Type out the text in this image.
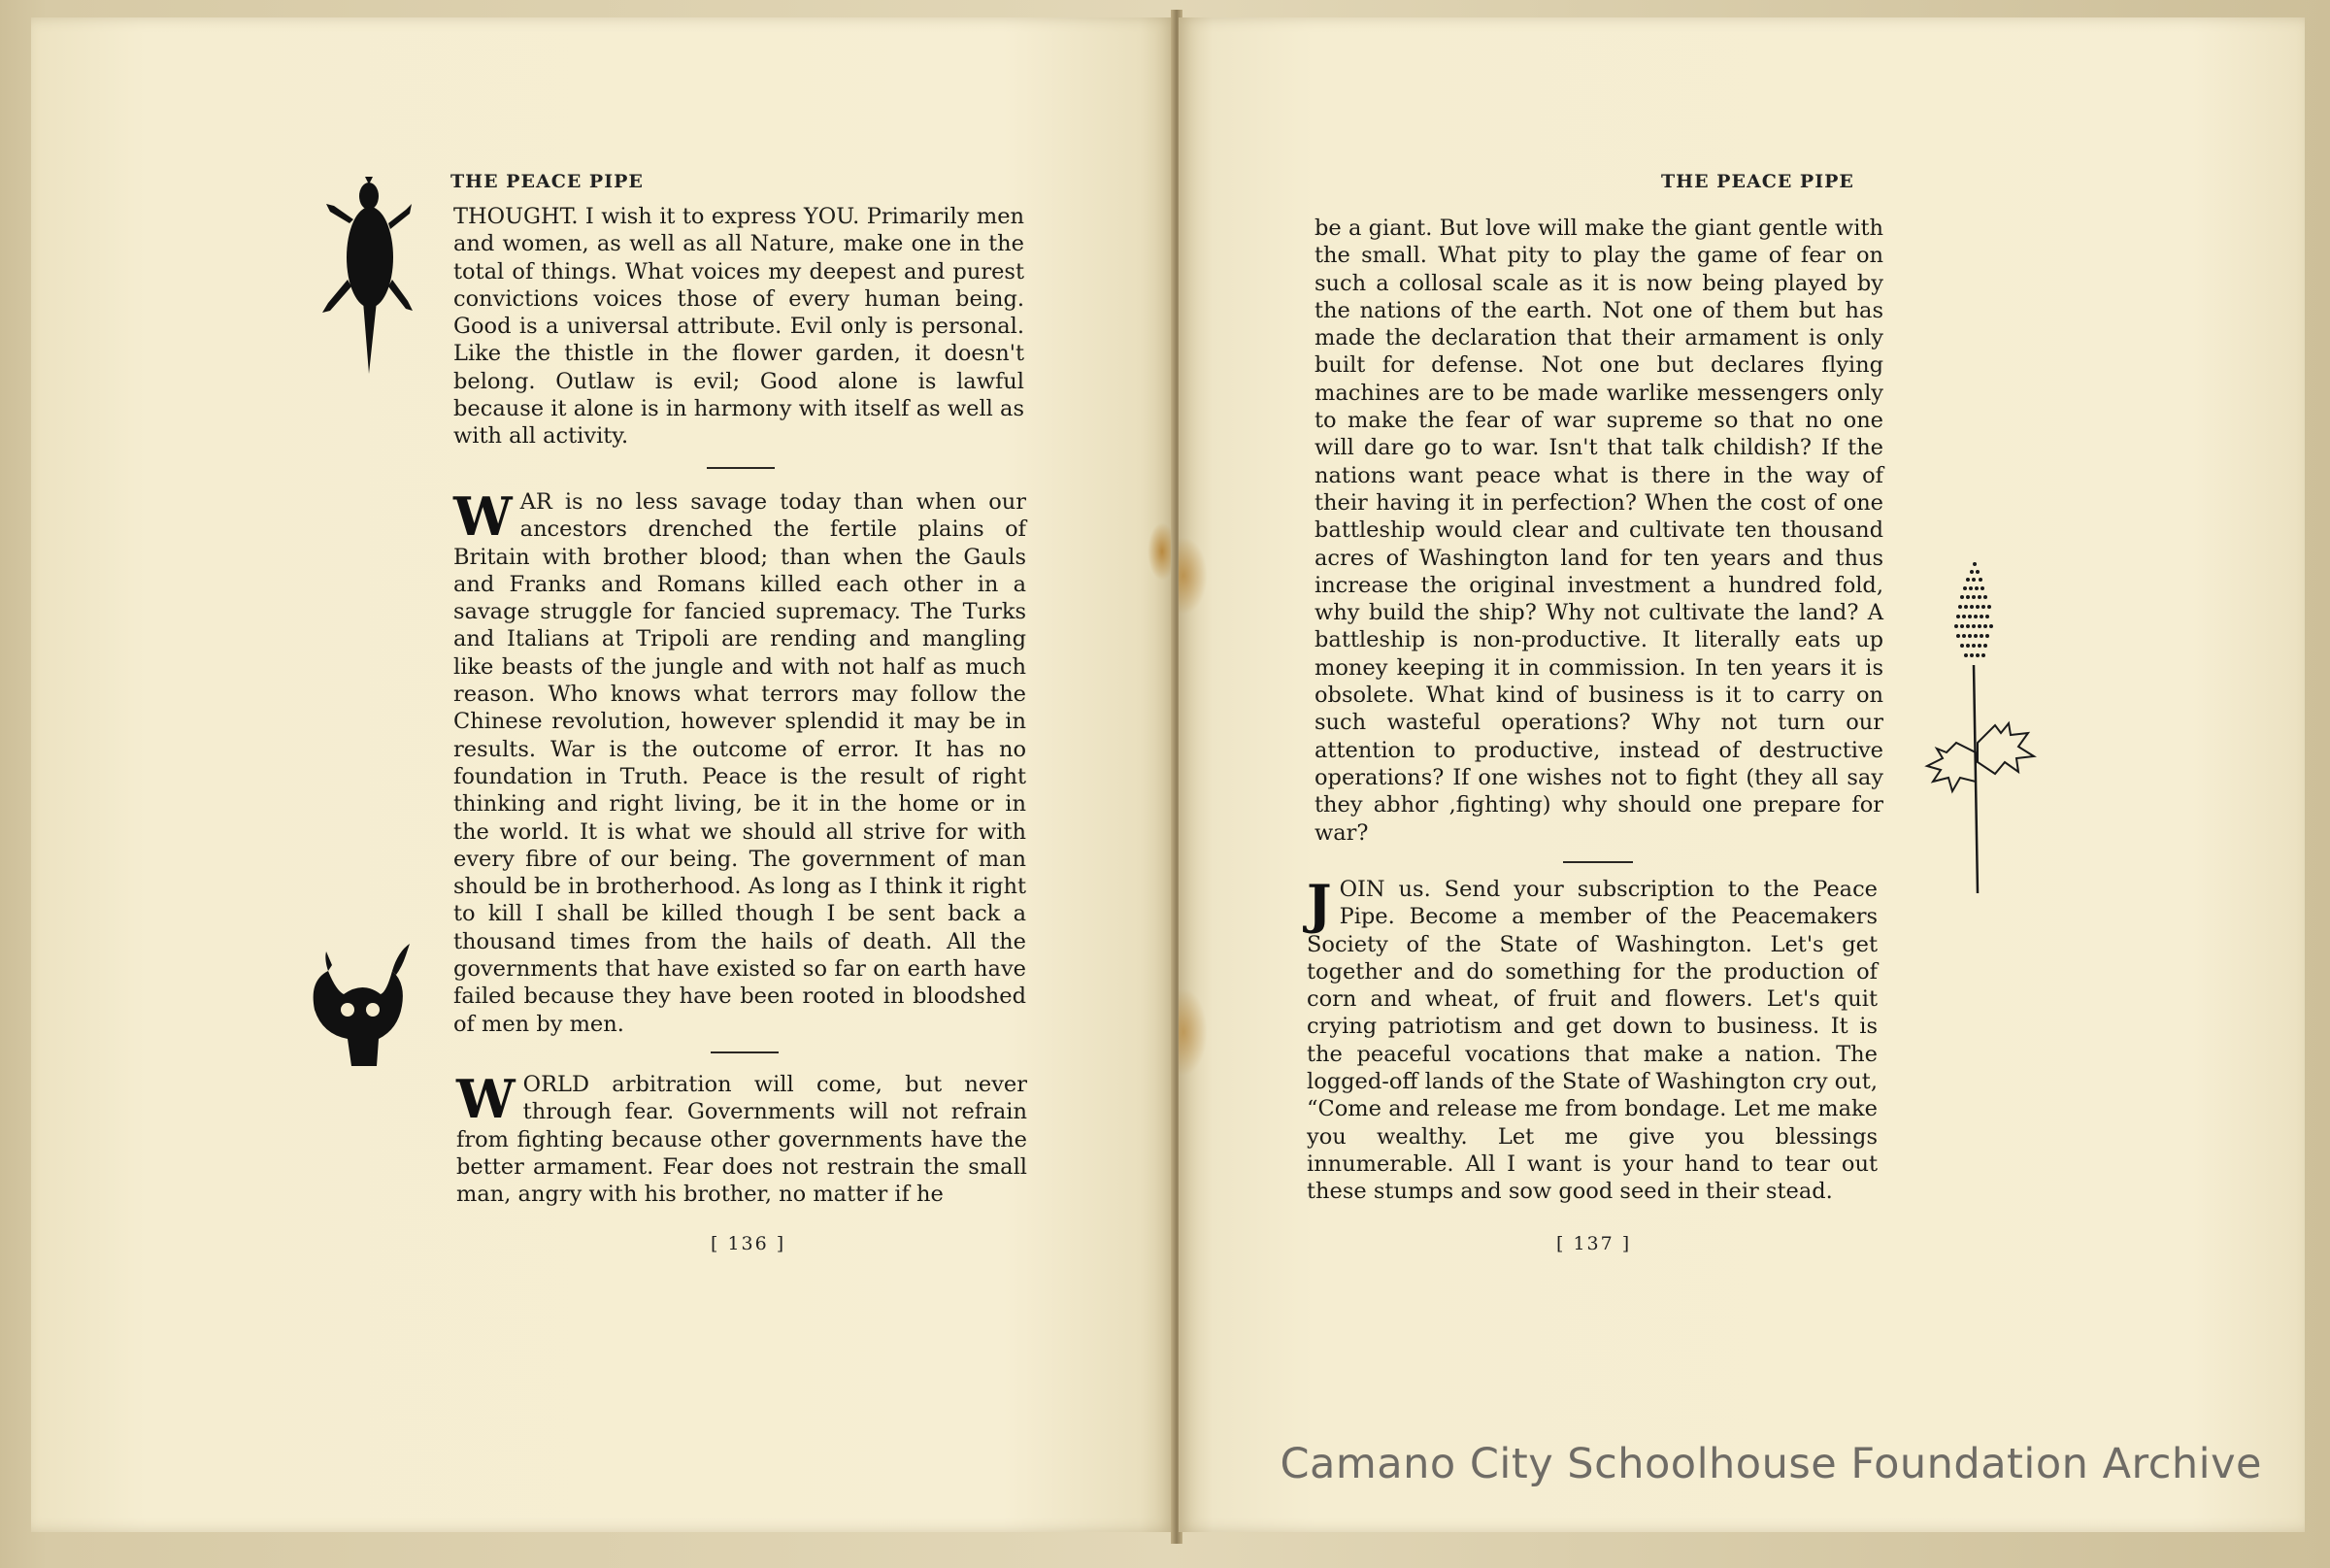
THE PEACE PIPE

THOUGHT. I wish it to express YOU. Primarily men and women, as well as all Nature, make one in the total of things. What voices my deepest and purest convictions voices those of every human being. Good is a universal attribute. Evil only is personal. Like the thistle in the flower garden, it doesn't belong. Outlaw is evil; Good alone is lawful because it alone is in harmony with itself as well as with all activity.

W AR is no less savage today than when our ancestors drenched the fertile plains of Britain with brother blood; than when the Gauls and Franks and Romans killed each other in a savage struggle for fancied supremacy. The Turks and Italians at Tripoli are rending and mangling like beasts of the jungle and with not half as much reason. Who knows what terrors may follow the Chinese revolution, however splendid it may be in results. War is the outcome of error. It has no foundation in Truth. Peace is the result of right thinking and right living, be it in the home or in the world. It is what we should all strive for with every fibre of our being. The government of man should be in brotherhood. As long as I think it right to kill I shall be killed though I be sent back a thousand times from the hails of death. All the governments that have existed so far on earth have failed because they have been rooted in bloodshed of men by men.

W ORLD arbitration will come, but never through fear. Governments will not refrain from fighting because other governments have the better armament. Fear does not restrain the small man, angry with his brother, no matter if he

[ 136 ]
THE PEACE PIPE

be a giant. But love will make the giant gentle with the small. What pity to play the game of fear on such a collosal scale as it is now being played by the nations of the earth. Not one of them but has made the declaration that their armament is only built for defense. Not one but declares flying machines are to be made warlike messengers only to make the fear of war supreme so that no one will dare go to war. Isn't that talk childish? If the nations want peace what is there in the way of their having it in perfection? When the cost of one battleship would clear and cultivate ten thousand acres of Washington land for ten years and thus increase the original investment a hundred fold, why build the ship? Why not cultivate the land? A battleship is non-productive. It literally eats up money keeping it in commission. In ten years it is obsolete. What kind of business is it to carry on such wasteful operations? Why not turn our attention to productive, instead of destructive operations? If one wishes not to fight (they all say they abhor ,fighting) why should one prepare for war?

J OIN us. Send your subscription to the Peace Pipe. Become a member of the Peacemakers Society of the State of Washington. Let's get together and do something for the production of corn and wheat, of fruit and flowers. Let's quit crying patriotism and get down to business. It is the peaceful vocations that make a nation. The logged-off lands of the State of Washington cry out, “Come and release me from bondage. Let me make you wealthy. Let me give you blessings innumerable. All I want is your hand to tear out these stumps and sow good seed in their stead.

[ 137 ]
Camano City Schoolhouse Foundation Archive
